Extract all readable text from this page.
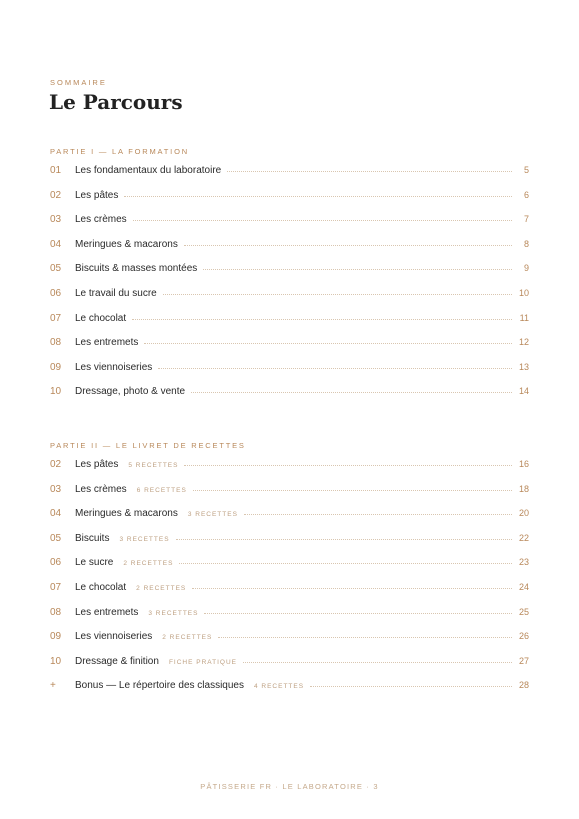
SOMMAIRE
Le Parcours
PARTIE I — LA FORMATION
01	Les fondamentaux du laboratoire	5
02	Les pâtes	6
03	Les crèmes	7
04	Meringues & macarons	8
05	Biscuits & masses montées	9
06	Le travail du sucre	10
07	Le chocolat	11
08	Les entremets	12
09	Les viennoiseries	13
10	Dressage, photo & vente	14
PARTIE II — LE LIVRET DE RECETTES
02	Les pâtes 5 RECETTES	16
03	Les crèmes 6 RECETTES	18
04	Meringues & macarons 3 RECETTES	20
05	Biscuits 3 RECETTES	22
06	Le sucre 2 RECETTES	23
07	Le chocolat 2 RECETTES	24
08	Les entremets 3 RECETTES	25
09	Les viennoiseries 2 RECETTES	26
10	Dressage & finition FICHE PRATIQUE	27
+	Bonus — Le répertoire des classiques 4 RECETTES	28
PÂTISSERIE FR · LE LABORATOIRE · 3
